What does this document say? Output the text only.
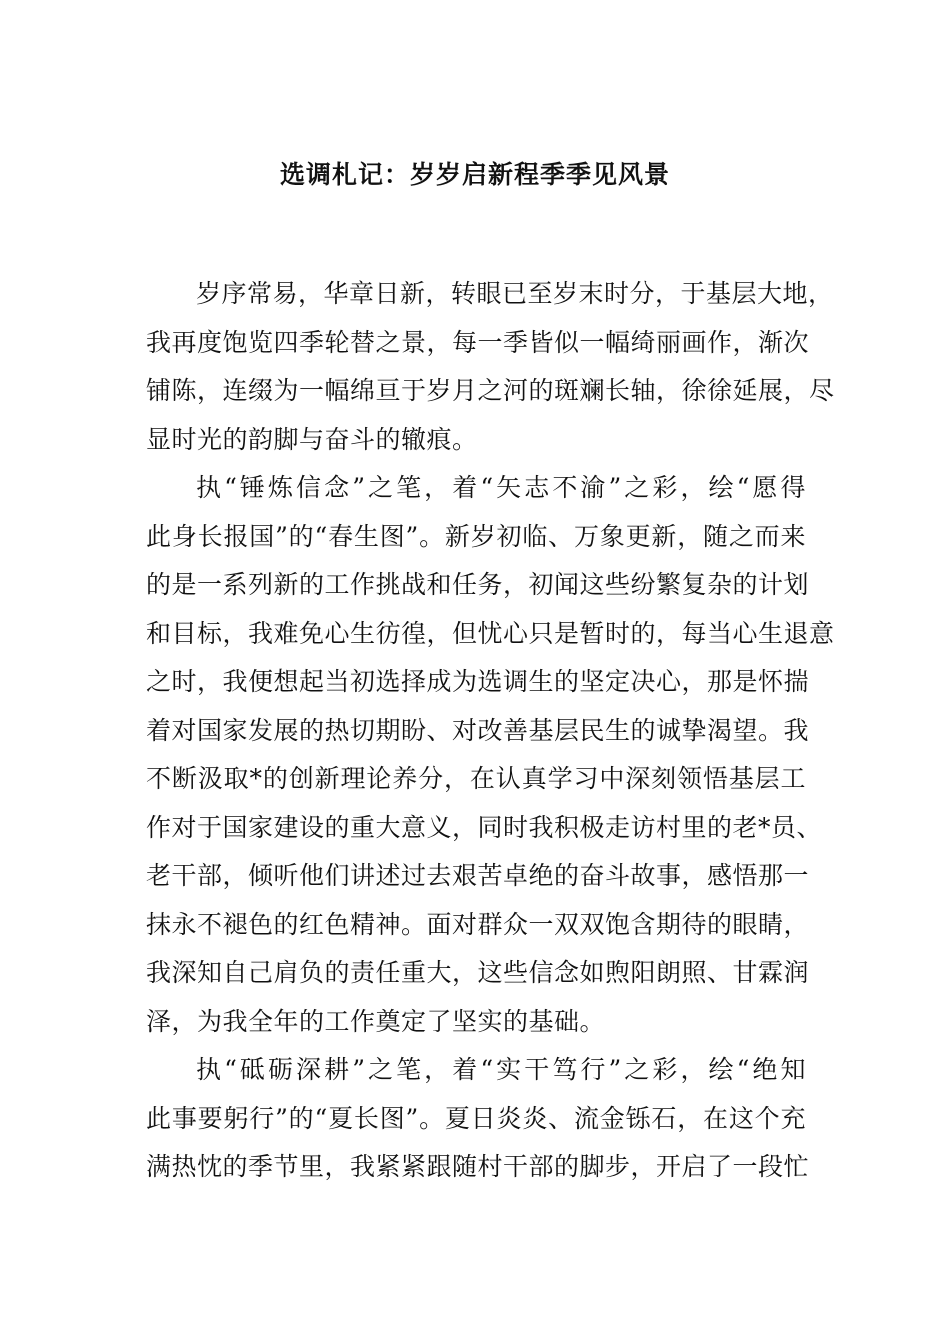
选调札记：岁岁启新程季季见风景
岁序常易，华章日新，转眼已至岁末时分，于基层大地，
我再度饱览四季轮替之景，每一季皆似一幅绮丽画作，渐次
铺陈，连缀为一幅绵亘于岁月之河的斑斓长轴，徐徐延展，尽
显时光的韵脚与奋斗的辙痕。
执“锤炼信念”之笔，着“矢志不渝”之彩，绘“愿得
此身长报国”的“春生图”。新岁初临、万象更新，随之而来
的是一系列新的工作挑战和任务，初闻这些纷繁复杂的计划
和目标，我难免心生彷徨，但忧心只是暂时的，每当心生退意
之时，我便想起当初选择成为选调生的坚定决心，那是怀揣
着对国家发展的热切期盼、对改善基层民生的诚挚渴望。我
不断汲取*的创新理论养分，在认真学习中深刻领悟基层工
作对于国家建设的重大意义，同时我积极走访村里的老*员、
老干部，倾听他们讲述过去艰苦卓绝的奋斗故事，感悟那一
抹永不褪色的红色精神。面对群众一双双饱含期待的眼睛，
我深知自己肩负的责任重大，这些信念如煦阳朗照、甘霖润
泽，为我全年的工作奠定了坚实的基础。
执“砥砺深耕”之笔，着“实干笃行”之彩，绘“绝知
此事要躬行”的“夏长图”。夏日炎炎、流金铄石，在这个充
满热忱的季节里，我紧紧跟随村干部的脚步，开启了一段忙
